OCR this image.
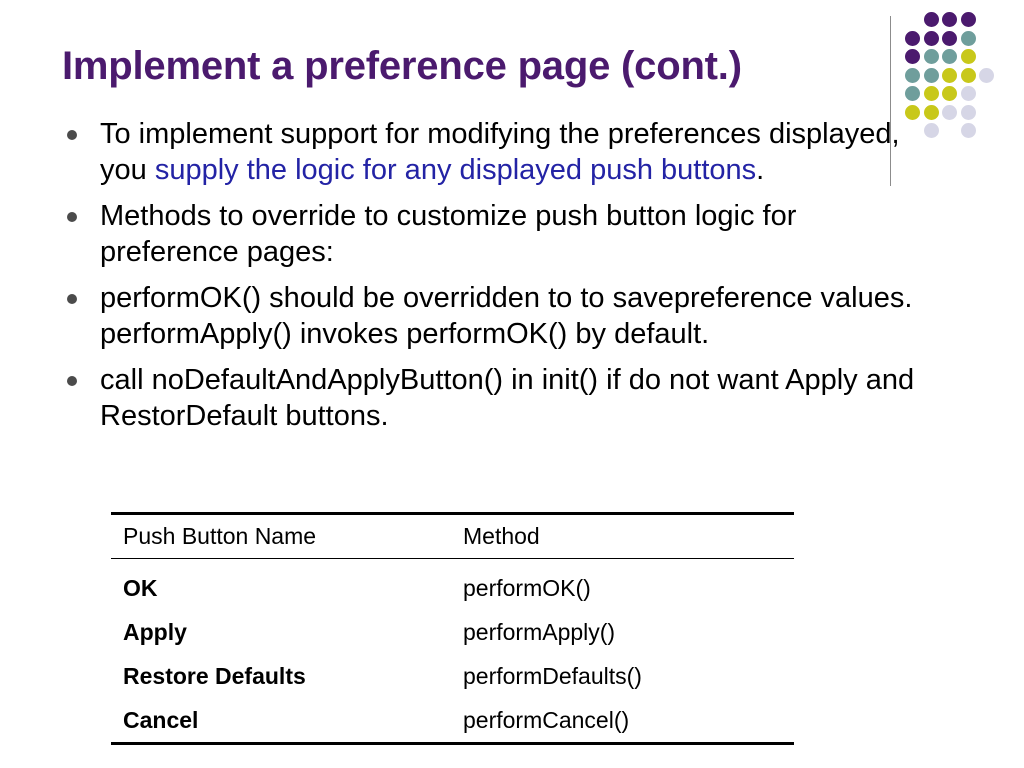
Implement a preference page (cont.)
To implement support for modifying the preferences displayed, you supply the logic for any displayed push buttons.
Methods to override to customize push button logic for preference pages:
performOK() should be overridden to to savepreference values. performApply() invokes performOK() by default.
call noDefaultAndApplyButton() in init() if do not want Apply and RestorDefault buttons.
Push Button Name	Method
OK	performOK()
Apply	performApply()
Restore Defaults	performDefaults()
Cancel	performCancel()
